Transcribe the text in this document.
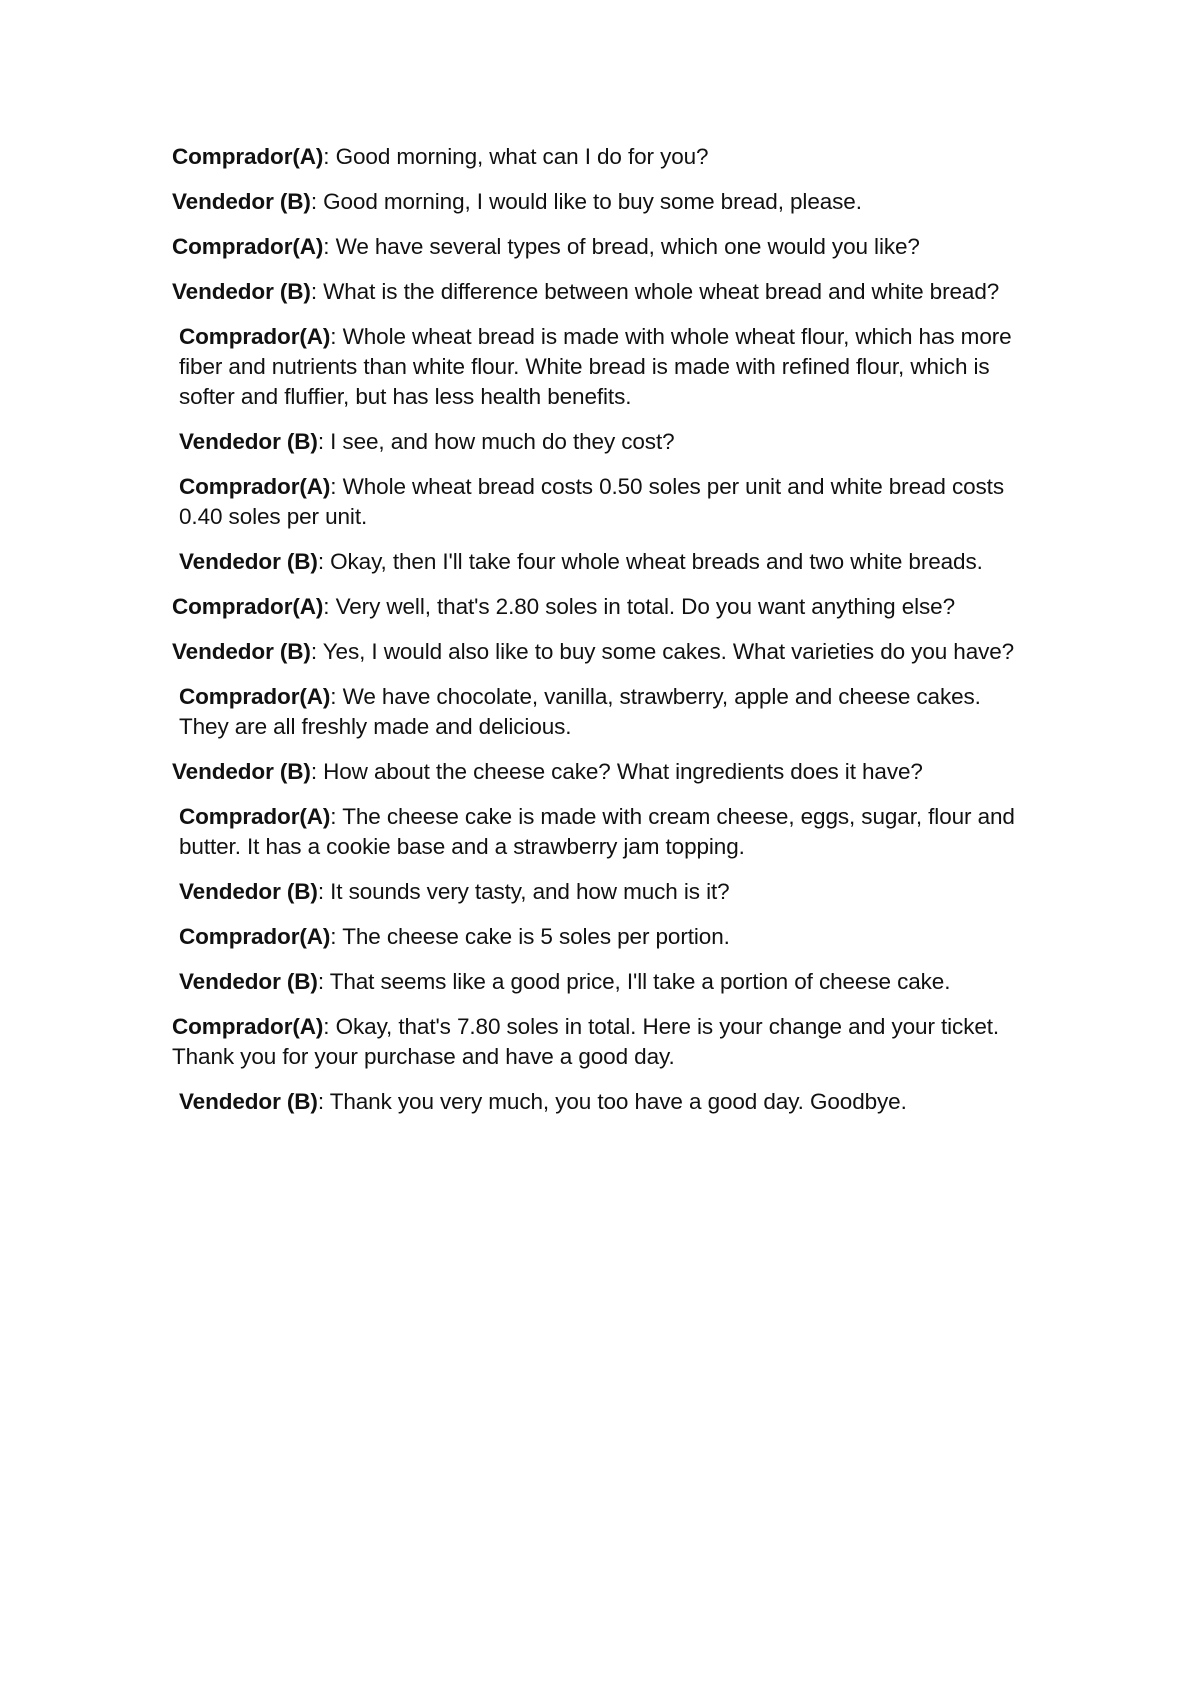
Comprador(A): Good morning, what can I do for you?

Vendedor (B): Good morning, I would like to buy some bread, please.

Comprador(A): We have several types of bread, which one would you like?

Vendedor (B): What is the difference between whole wheat bread and white bread?

Comprador(A): Whole wheat bread is made with whole wheat flour, which has more fiber and nutrients than white flour. White bread is made with refined flour, which is softer and fluffier, but has less health benefits.

Vendedor (B): I see, and how much do they cost?

Comprador(A): Whole wheat bread costs 0.50 soles per unit and white bread costs 0.40 soles per unit.

Vendedor (B): Okay, then I'll take four whole wheat breads and two white breads.

Comprador(A): Very well, that's 2.80 soles in total. Do you want anything else?

Vendedor (B): Yes, I would also like to buy some cakes. What varieties do you have?

Comprador(A): We have chocolate, vanilla, strawberry, apple and cheese cakes. They are all freshly made and delicious.

Vendedor (B): How about the cheese cake? What ingredients does it have?

Comprador(A): The cheese cake is made with cream cheese, eggs, sugar, flour and butter. It has a cookie base and a strawberry jam topping.

Vendedor (B): It sounds very tasty, and how much is it?

Comprador(A): The cheese cake is 5 soles per portion.

Vendedor (B): That seems like a good price, I'll take a portion of cheese cake.

Comprador(A): Okay, that's 7.80 soles in total. Here is your change and your ticket. Thank you for your purchase and have a good day.

Vendedor (B): Thank you very much, you too have a good day. Goodbye.
